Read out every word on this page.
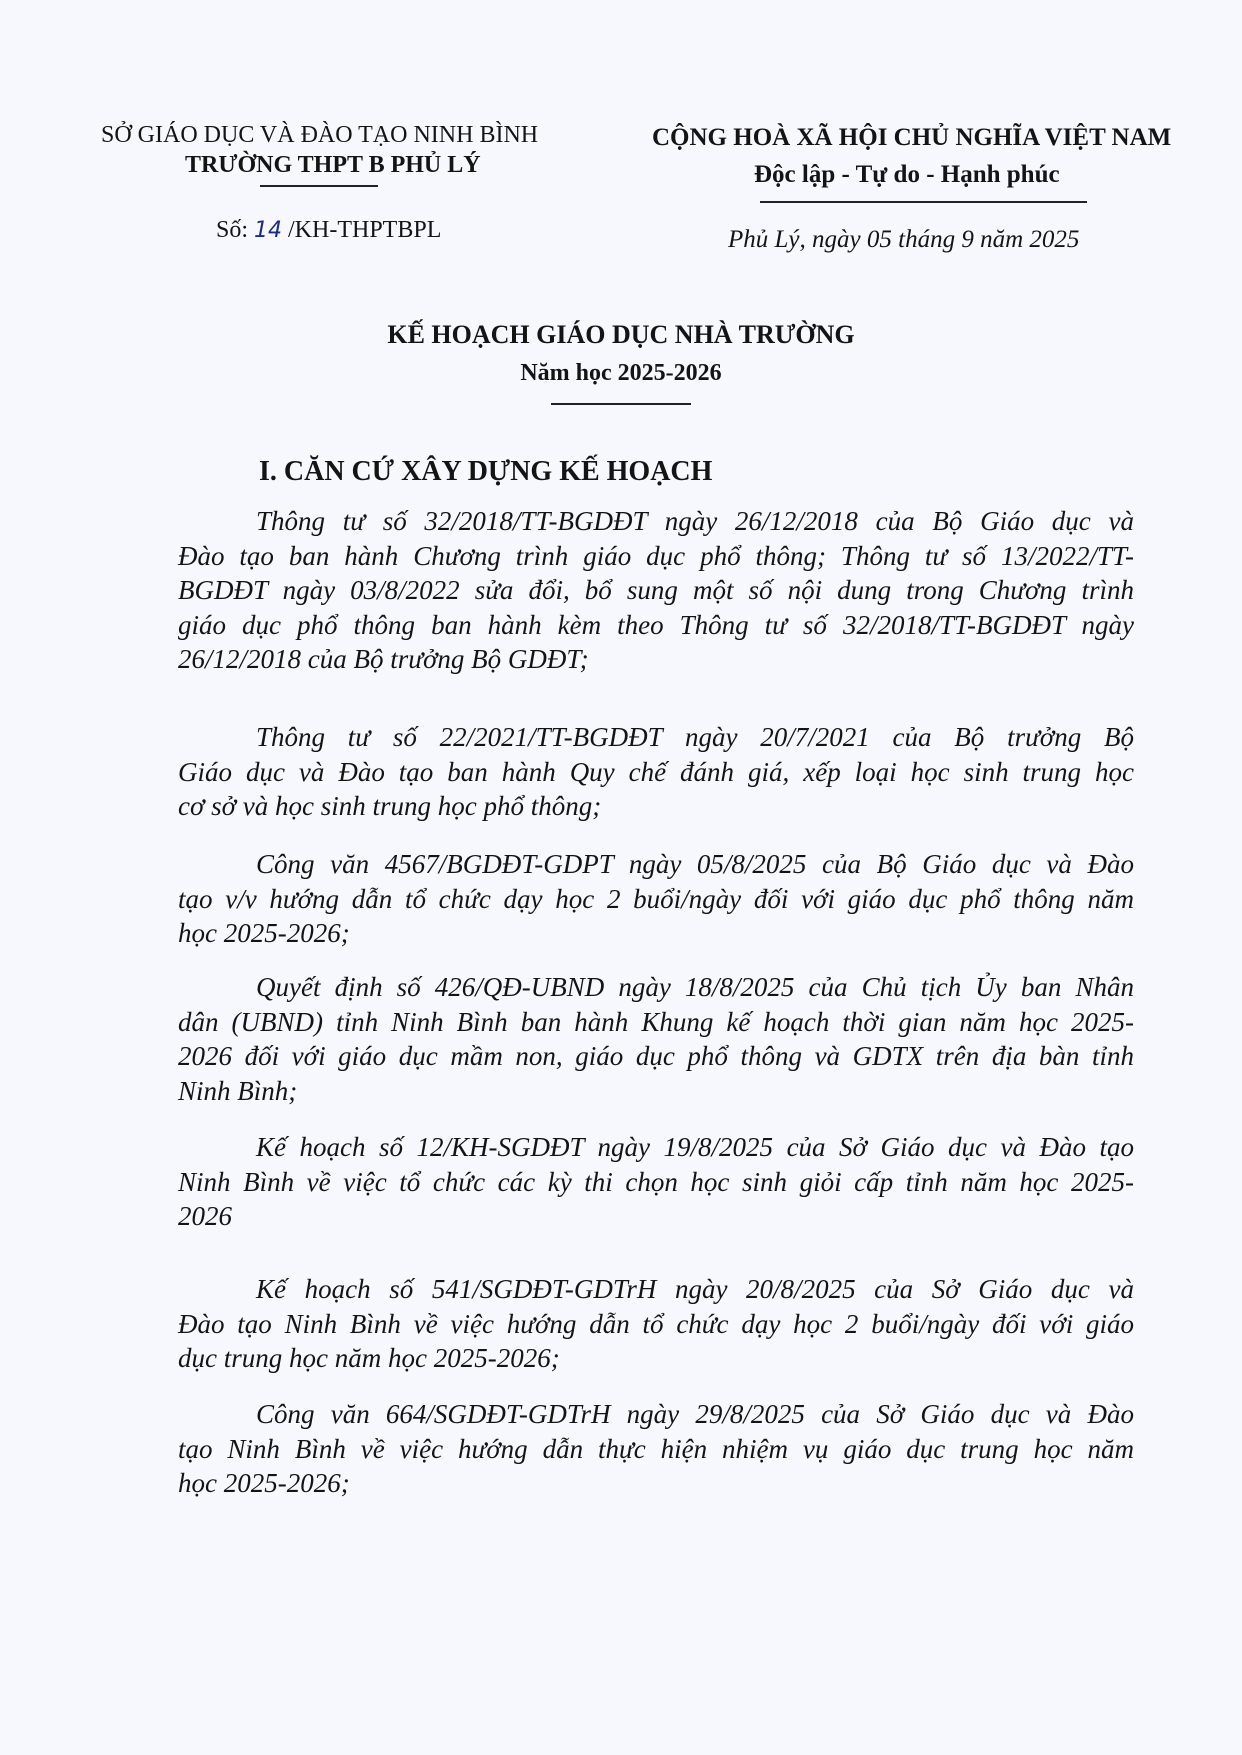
SỞ GIÁO DỤC VÀ ĐÀO TẠO NINH BÌNH
TRƯỜNG THPT B PHỦ LÝ
Số: 14 /KH-THPTBPL
CỘNG HOÀ XÃ HỘI CHỦ NGHĨA VIỆT NAM
Độc lập - Tự do - Hạnh phúc
Phủ Lý, ngày 05 tháng 9 năm 2025
KẾ HOẠCH GIÁO DỤC NHÀ TRƯỜNG
Năm học 2025-2026
I. CĂN CỨ XÂY DỰNG KẾ HOẠCH
Thông tư số 32/2018/TT-BGDĐT ngày 26/12/2018 của Bộ Giáo dục và
Đào tạo ban hành Chương trình giáo dục phổ thông; Thông tư số 13/2022/TT-
BGDĐT ngày 03/8/2022 sửa đổi, bổ sung một số nội dung trong Chương trình
giáo dục phổ thông ban hành kèm theo Thông tư số 32/2018/TT-BGDĐT ngày
26/12/2018 của Bộ trưởng Bộ GDĐT;
Thông tư số 22/2021/TT-BGDĐT ngày 20/7/2021 của Bộ trưởng Bộ
Giáo dục và Đào tạo ban hành Quy chế đánh giá, xếp loại học sinh trung học
cơ sở và học sinh trung học phổ thông;
Công văn 4567/BGDĐT-GDPT ngày 05/8/2025 của Bộ Giáo dục và Đào
tạo v/v hướng dẫn tổ chức dạy học 2 buổi/ngày đối với giáo dục phổ thông năm
học 2025-2026;
Quyết định số 426/QĐ-UBND ngày 18/8/2025 của Chủ tịch Ủy ban Nhân
dân (UBND) tỉnh Ninh Bình ban hành Khung kế hoạch thời gian năm học 2025-
2026 đối với giáo dục mầm non, giáo dục phổ thông và GDTX trên địa bàn tỉnh
Ninh Bình;
Kế hoạch số 12/KH-SGDĐT ngày 19/8/2025 của Sở Giáo dục và Đào tạo
Ninh Bình về việc tổ chức các kỳ thi chọn học sinh giỏi cấp tỉnh năm học 2025-
2026
Kế hoạch số 541/SGDĐT-GDTrH ngày 20/8/2025 của Sở Giáo dục và
Đào tạo Ninh Bình về việc hướng dẫn tổ chức dạy học 2 buổi/ngày đối với giáo
dục trung học năm học 2025-2026;
Công văn 664/SGDĐT-GDTrH ngày 29/8/2025 của Sở Giáo dục và Đào
tạo Ninh Bình về việc hướng dẫn thực hiện nhiệm vụ giáo dục trung học năm
học 2025-2026;
